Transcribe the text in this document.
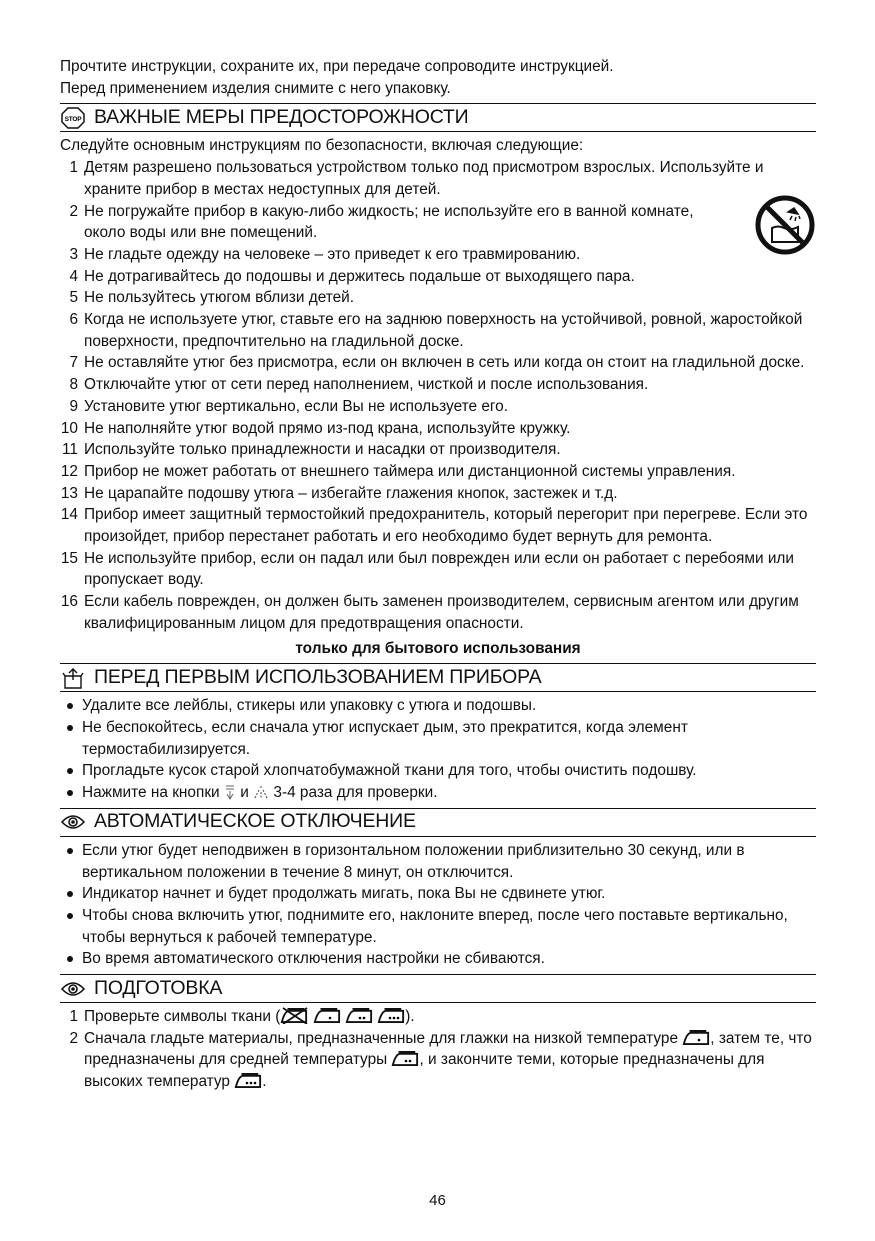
Прочтите инструкции, сохраните их, при передаче сопроводите инструкцией.

Перед применением изделия снимите с него упаковку.

STOP ВАЖНЫЕ МЕРЫ ПРЕДОСТОРОЖНОСТИ

Следуйте основным инструкциям по безопасности, включая следующие:

1 Детям разрешено пользоваться устройством только под присмотром взрослых. Используйте и храните прибор в местах недоступных для детей.
2 Не погружайте прибор в какую-либо жидкость; не используйте его в ванной комнате, около воды или вне помещений.
3 Не гладьте одежду на человеке – это приведет к его травмированию.
4 Не дотрагивайтесь до подошвы и держитесь подальше от выходящего пара.
5 Не пользуйтесь утюгом вблизи детей.
6 Когда не используете утюг, ставьте его на заднюю поверхность на устойчивой, ровной, жаростойкой поверхности, предпочтительно на гладильной доске.
7 Не оставляйте утюг без присмотра, если он включен в сеть или когда он стоит на гладильной доске.
8 Отключайте утюг от сети перед наполнением, чисткой и после использования.
9 Установите утюг вертикально, если Вы не используете его.
10 Не наполняйте утюг водой прямо из-под крана, используйте кружку.
11 Используйте только принадлежности и насадки от производителя.
12 Прибор не может работать от внешнего таймера или дистанционной системы управления.
13 Не царапайте подошву утюга – избегайте глажения кнопок, застежек и т.д.
14 Прибор имеет защитный термостойкий предохранитель, который перегорит при перегреве. Если это произойдет, прибор перестанет работать и его необходимо будет вернуть для ремонта.
15 Не используйте прибор, если он падал или был поврежден или если он работает с перебоями или пропускает воду.
16 Если кабель поврежден, он должен быть заменен производителем, сервисным агентом или другим квалифицированным лицом для предотвращения опасности.

только для бытового использования

ПЕРЕД ПЕРВЫМ ИСПОЛЬЗОВАНИЕМ ПРИБОРА
Удалите все лейблы, стикеры или упаковку с утюга и подошвы.
Не беспокойтесь, если сначала утюг испускает дым, это прекратится, когда элемент термостабилизируется.
Прогладьте кусок старой хлопчатобумажной ткани для того, чтобы очистить подошву.
Нажмите на кнопки и 3-4 раза для проверки.
АВТОМАТИЧЕСКОЕ ОТКЛЮЧЕНИЕ
Если утюг будет неподвижен в горизонтальном положении приблизительно 30 секунд, или в вертикальном положении в течение 8 минут, он отключится.
Индикатор начнет и будет продолжать мигать, пока Вы не сдвинете утюг.
Чтобы снова включить утюг, поднимите его, наклоните вперед, после чего поставьте вертикально, чтобы вернуться к рабочей температуре.
Во время автоматического отключения настройки не сбиваются.
ПОДГОТОВКА
1 Проверьте символы ткани (	).
2 Сначала гладьте материалы, предназначенные для глажки на низкой температуре , затем те, что предназначены для средней температуры , и закончите теми, которые предназначены для высоких температур .
46
